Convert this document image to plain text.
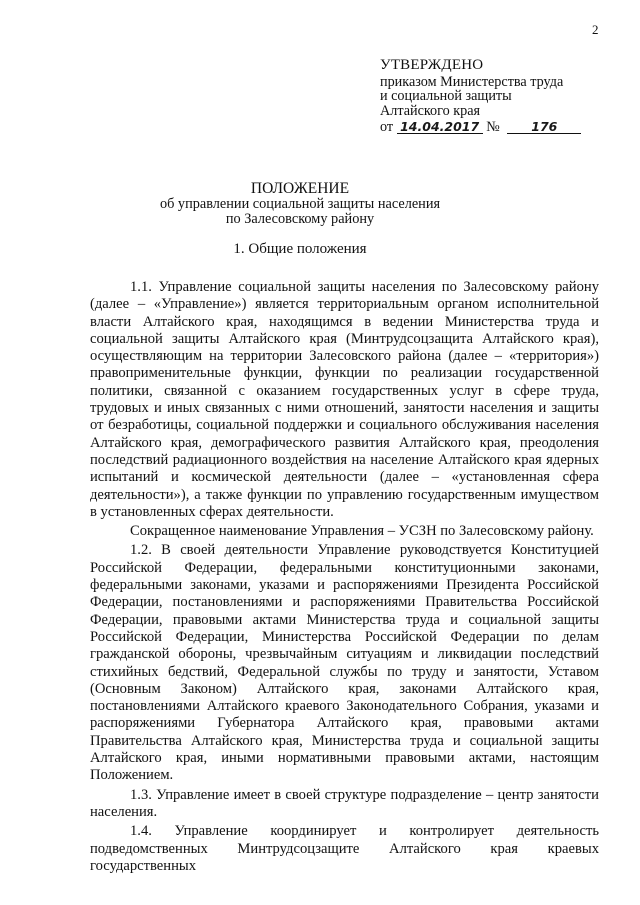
2
УТВЕРЖДЕНО
приказом Министерства труда
и социальной защиты
Алтайского края
от 14.04.2017 №	176
ПОЛОЖЕНИЕ
об управлении социальной защиты населения
по Залесовскому району
1. Общие положения

1.1. Управление социальной защиты населения по Залесовскому району (далее – «Управление») является территориальным органом исполнительной власти Алтайского края, находящимся в ведении Министерства труда и социальной защиты Алтайского края (Минтрудсоцзащита Алтайского края), осуществляющим на территории Залесовского района (далее – «территория») правоприменительные функции, функции по реализации государственной политики, связанной с оказанием государственных услуг в сфере труда, трудовых и иных связанных с ними отношений, занятости населения и защиты от безработицы, социальной поддержки и социального обслуживания населения Алтайского края, демографического развития Алтайского края, преодоления последствий радиационного воздействия на население Алтайского края ядерных испытаний и космической деятельности (далее – «установленная сфера деятельности»), а также функции по управлению государственным имуществом в установленных сферах деятельности.

Сокращенное наименование Управления – УСЗН по Залесовскому району.

1.2. В своей деятельности Управление руководствуется Конституцией Российской Федерации, федеральными конституционными законами, федеральными законами, указами и распоряжениями Президента Российской Федерации, постановлениями и распоряжениями Правительства Российской Федерации, правовыми актами Министерства труда и социальной защиты Российской Федерации, Министерства Российской Федерации по делам гражданской обороны, чрезвычайным ситуациям и ликвидации последствий стихийных бедствий, Федеральной службы по труду и занятости, Уставом (Основным Законом) Алтайского края, законами Алтайского края, постановлениями Алтайского краевого Законодательного Собрания, указами и распоряжениями Губернатора Алтайского края, правовыми актами Правительства Алтайского края, Министерства труда и социальной защиты Алтайского края, иными нормативными правовыми актами, настоящим Положением.

1.3. Управление имеет в своей структуре подразделение – центр занятости населения.

1.4. Управление координирует и контролирует деятельность подведомственных Минтрудсоцзащите Алтайского края краевых государственных
